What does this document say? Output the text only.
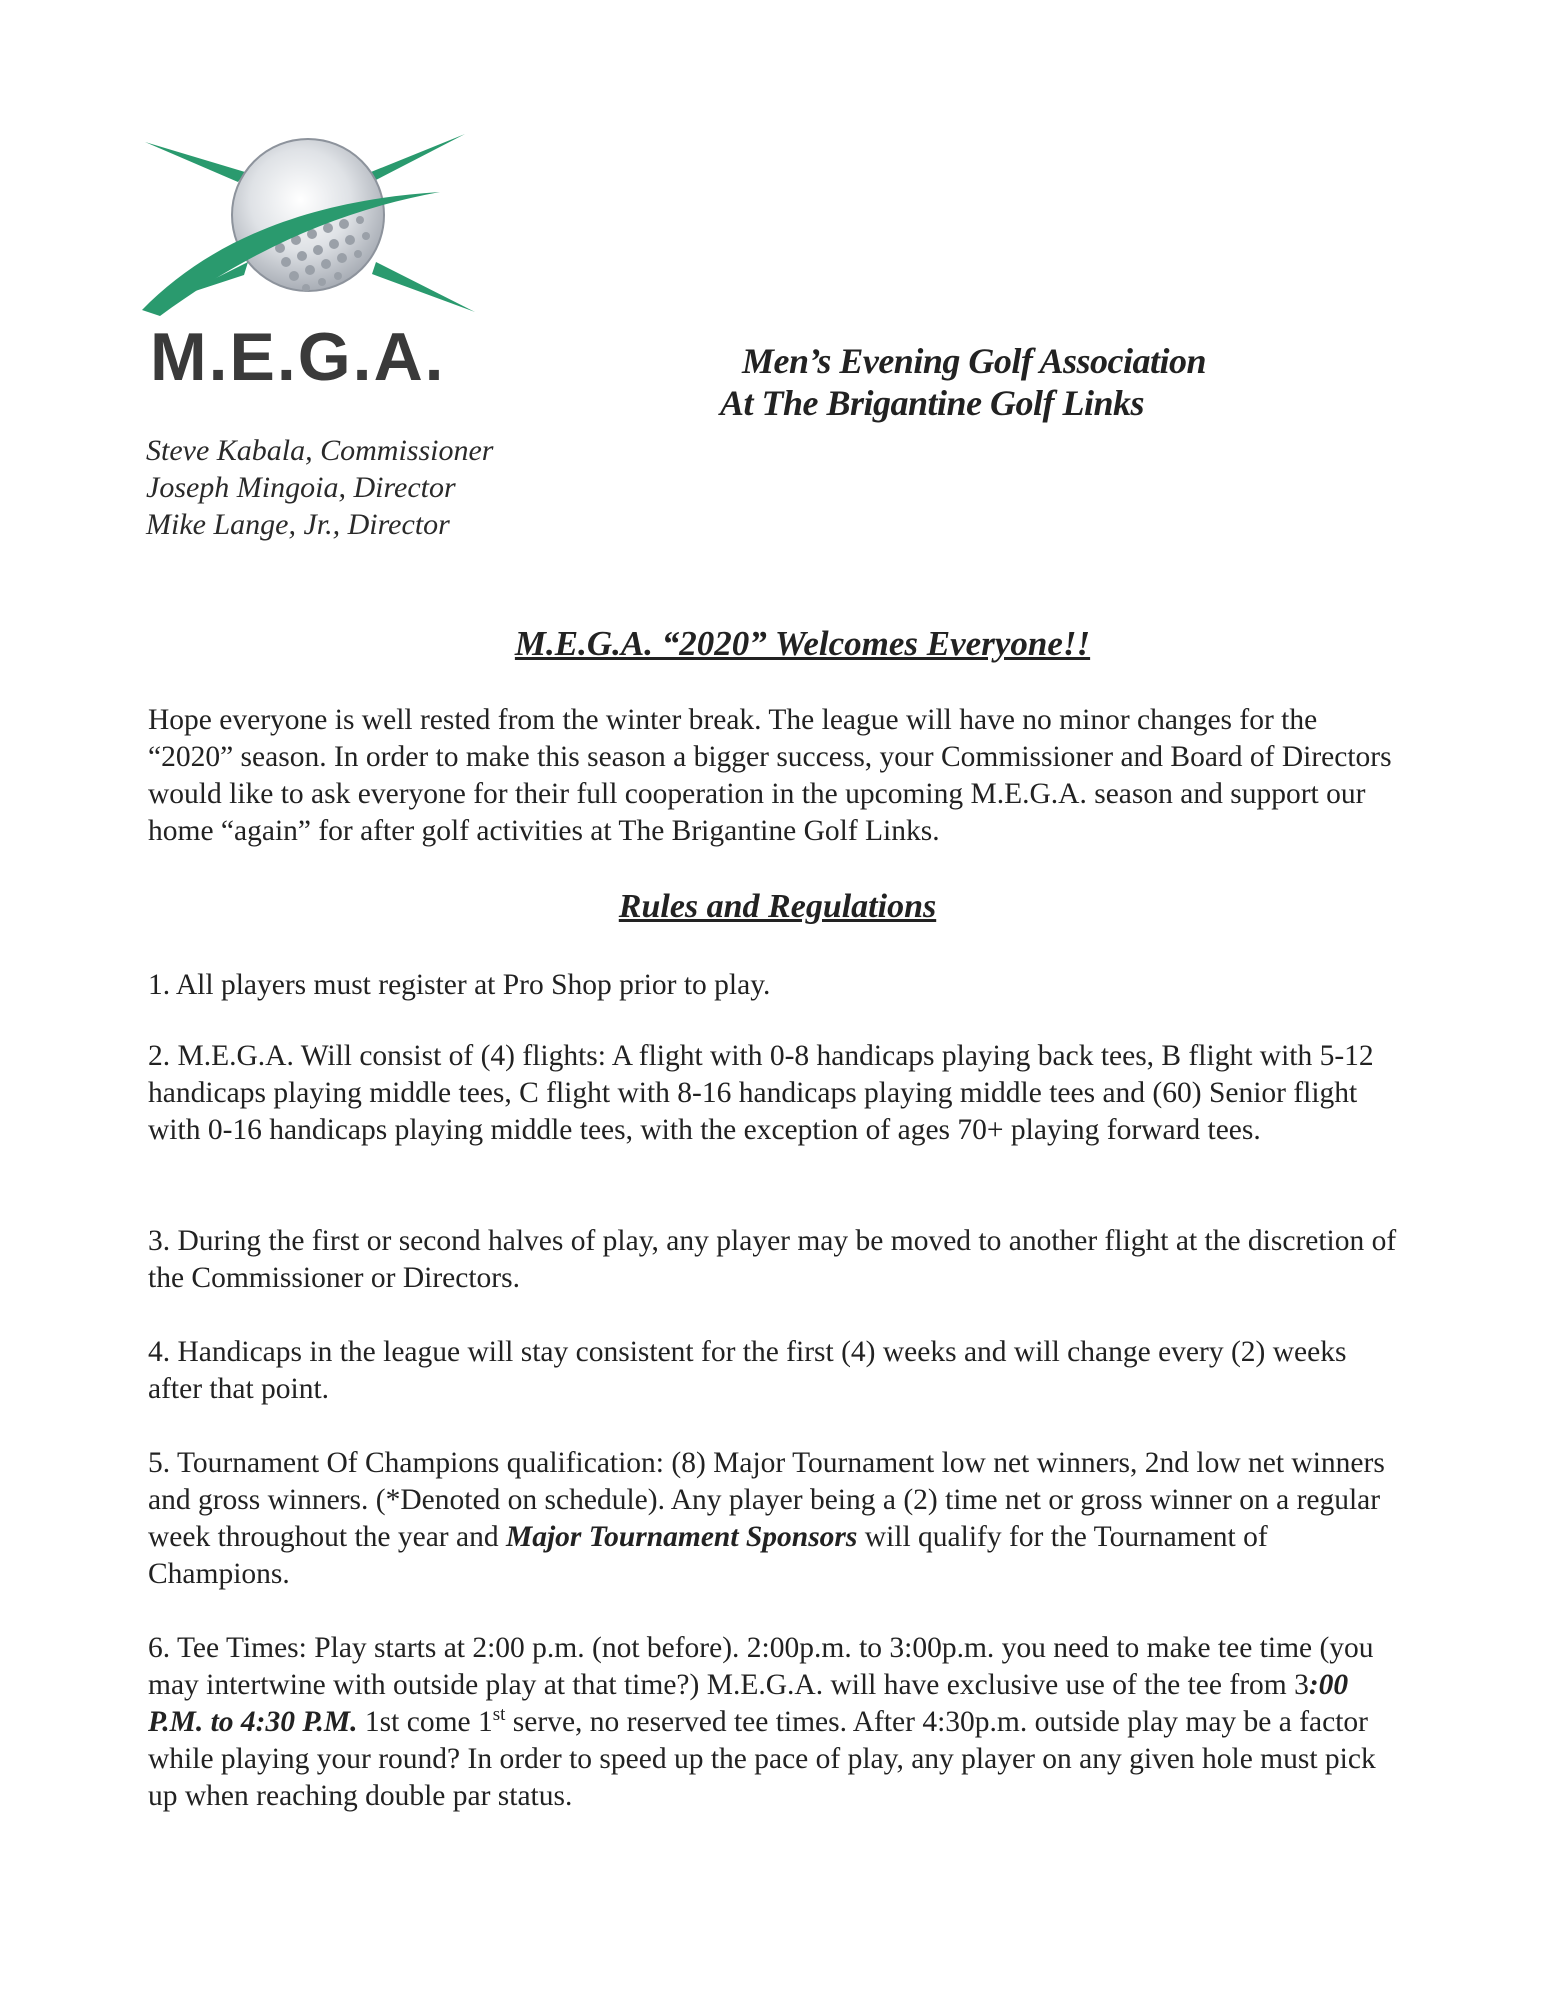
M.E.G.A.
Steve Kabala, Commissioner
Joseph Mingoia, Director
Mike Lange, Jr., Director
Men’s Evening Golf Association
At The Brigantine Golf Links
M.E.G.A. “2020” Welcomes Everyone!!

Hope everyone is well rested from the winter break. The league will have no minor changes for the “2020” season. In order to make this season a bigger success, your Commissioner and Board of Directors would like to ask everyone for their full cooperation in the upcoming M.E.G.A. season and support our home “again” for after golf activities at The Brigantine Golf Links.

Rules and Regulations

1. All players must register at Pro Shop prior to play.

2. M.E.G.A. Will consist of (4) flights: A flight with 0-8 handicaps playing back tees, B flight with 5-12 handicaps playing middle tees, C flight with 8-16 handicaps playing middle tees and (60) Senior flight with 0-16 handicaps playing middle tees, with the exception of ages 70+ playing forward tees.

3. During the first or second halves of play, any player may be moved to another flight at the discretion of the Commissioner or Directors.

4. Handicaps in the league will stay consistent for the first (4) weeks and will change every (2) weeks after that point.

5. Tournament Of Champions qualification: (8) Major Tournament low net winners, 2nd low net winners and gross winners. (*Denoted on schedule). Any player being a (2) time net or gross winner on a regular week throughout the year and Major Tournament Sponsors will qualify for the Tournament of Champions.

6. Tee Times: Play starts at 2:00 p.m. (not before). 2:00p.m. to 3:00p.m. you need to make tee time (you may intertwine with outside play at that time?) M.E.G.A. will have exclusive use of the tee from 3:00 P.M. to 4:30 P.M. 1st come 1st serve, no reserved tee times. After 4:30p.m. outside play may be a factor while playing your round? In order to speed up the pace of play, any player on any given hole must pick up when reaching double par status.
